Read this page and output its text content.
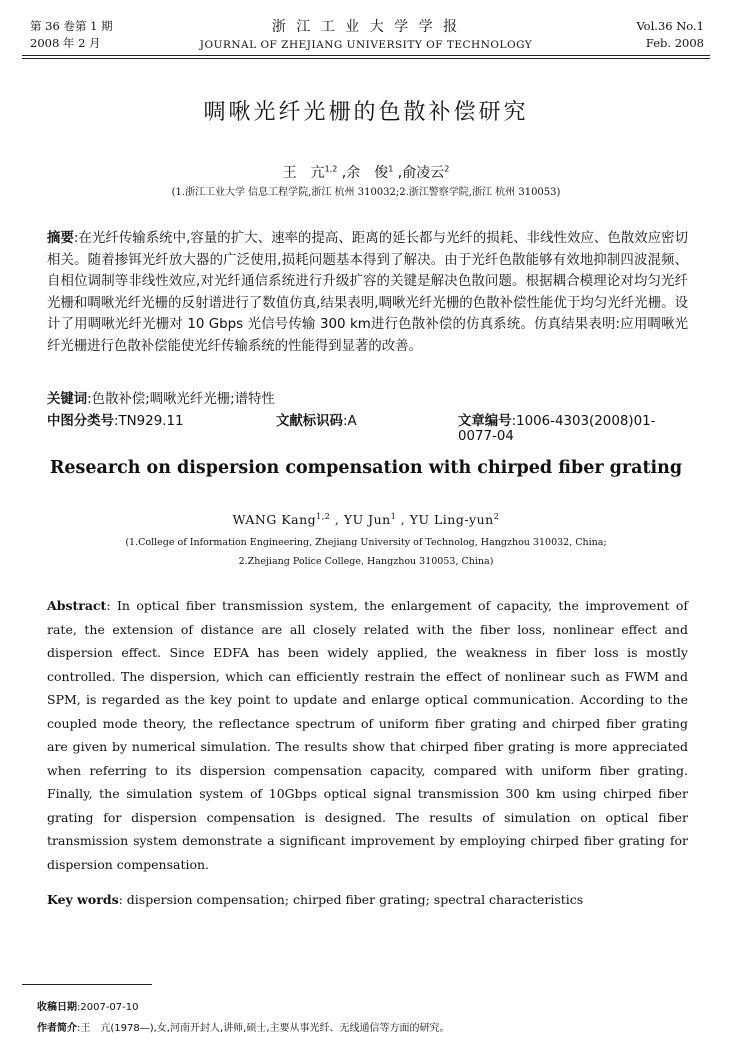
第 36 卷第 1 期
2008 年 2 月
浙 江 工 业 大 学 学 报
JOURNAL OF ZHEJIANG UNIVERSITY OF TECHNOLOGY
Vol.36 No.1
Feb. 2008
啁啾光纤光栅的色散补偿研究
王　亢$^{1,2}$ ,余　俊$^1$ ,俞凌云$^2$
(1.浙江工业大学 信息工程学院,浙江 杭州 310032;2.浙江警察学院,浙江 杭州 310053)
摘要:在光纤传输系统中,容量的扩大、速率的提高、距离的延长都与光纤的损耗、非线性效应、色散效应密切相关。随着掺铒光纤放大器的广泛使用,损耗问题基本得到了解决。由于光纤色散能够有效地抑制四波混频、自相位调制等非线性效应,对光纤通信系统进行升级扩容的关键是解决色散问题。根据耦合模理论对均匀光纤光栅和啁啾光纤光栅的反射谱进行了数值仿真,结果表明,啁啾光纤光栅的色散补偿性能优于均匀光纤光栅。设计了用啁啾光纤光栅对 10 Gbps 光信号传输 300 km进行色散补偿的仿真系统。仿真结果表明:应用啁啾光纤光栅进行色散补偿能使光纤传输系统的性能得到显著的改善。
关键词:色散补偿;啁啾光纤光栅;谱特性
中图分类号:TN929.11	文献标识码:A	文章编号:1006-4303(2008)01-0077-04
Research on dispersion compensation with chirped fiber grating
WANG Kang$^{1,2}$ , YU Jun$^1$ , YU Ling-yun$^2$
(1.College of Information Engineering, Zhejiang University of Technolog, Hangzhou 310032, China;
2.Zhejiang Police College, Hangzhou 310053, China)
Abstract: In optical fiber transmission system, the enlargement of capacity, the improvement of rate, the extension of distance are all closely related with the fiber loss, nonlinear effect and dispersion effect. Since EDFA has been widely applied, the weakness in fiber loss is mostly controlled. The dispersion, which can efficiently restrain the effect of nonlinear such as FWM and SPM, is regarded as the key point to update and enlarge optical communication. According to the coupled mode theory, the reflectance spectrum of uniform fiber grating and chirped fiber grating are given by numerical simulation. The results show that chirped fiber grating is more appreciated when referring to its dispersion compensation capacity, compared with uniform fiber grating. Finally, the simulation system of 10Gbps optical signal transmission 300 km using chirped fiber grating for dispersion compensation is designed. The results of simulation on optical fiber transmission system demonstrate a significant improvement by employing chirped fiber grating for dispersion compensation.
Key words: dispersion compensation; chirped fiber grating; spectral characteristics
收稿日期:2007-07-10
作者简介:王　亢(1978—),女,河南开封人,讲师,硕士,主要从事光纤、无线通信等方面的研究。
